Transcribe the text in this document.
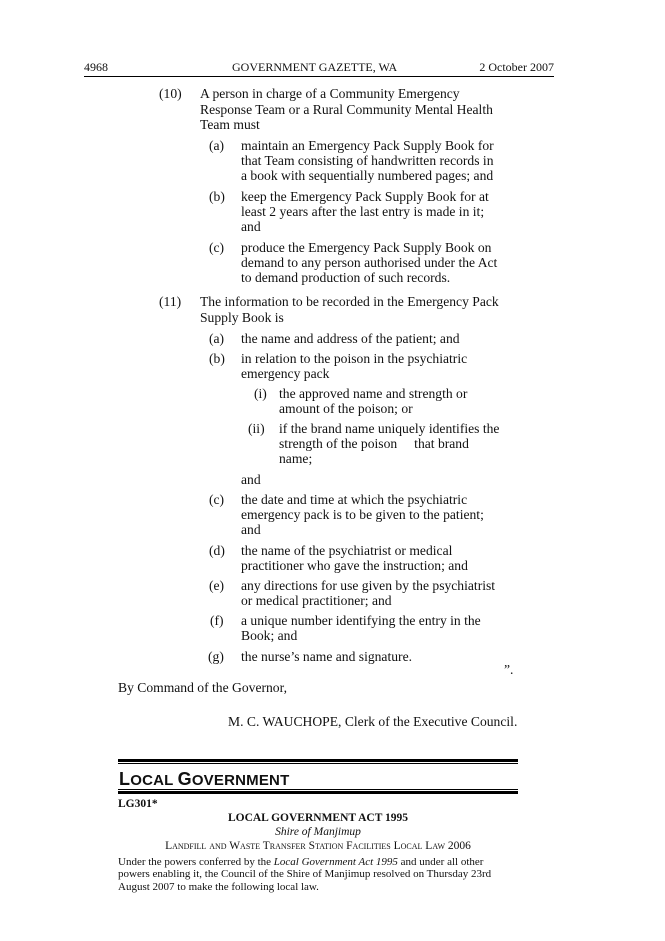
4968	GOVERNMENT GAZETTE, WA	2 October 2007
(10) A person in charge of a Community Emergency
Response Team or a Rural Community Mental Health
Team must
(a) maintain an Emergency Pack Supply Book for
that Team consisting of handwritten records in
a book with sequentially numbered pages; and
(b) keep the Emergency Pack Supply Book for at
least 2 years after the last entry is made in it;
and
(c) produce the Emergency Pack Supply Book on
demand to any person authorised under the Act
to demand production of such records.
(11) The information to be recorded in the Emergency Pack
Supply Book is
(a) the name and address of the patient; and
(b) in relation to the poison in the psychiatric
emergency pack
(i) the approved name and strength or
amount of the poison; or
(ii) if the brand name uniquely identifies the
strength of the poison     that brand
name;
and
(c) the date and time at which the psychiatric
emergency pack is to be given to the patient;
and
(d) the name of the psychiatrist or medical
practitioner who gave the instruction; and
(e) any directions for use given by the psychiatrist
or medical practitioner; and
(f) a unique number identifying the entry in the
Book; and
(g) the nurse’s name and signature.
”.
By Command of the Governor,
M. C. WAUCHOPE, Clerk of the Executive Council.
LOCAL GOVERNMENT
LG301*
LOCAL GOVERNMENT ACT 1995
Shire of Manjimup
Landfill and Waste Transfer Station Facilities Local Law 2006
Under the powers conferred by the Local Government Act 1995 and under all other
powers enabling it, the Council of the Shire of Manjimup resolved on Thursday 23rd
August 2007 to make the following local law.
